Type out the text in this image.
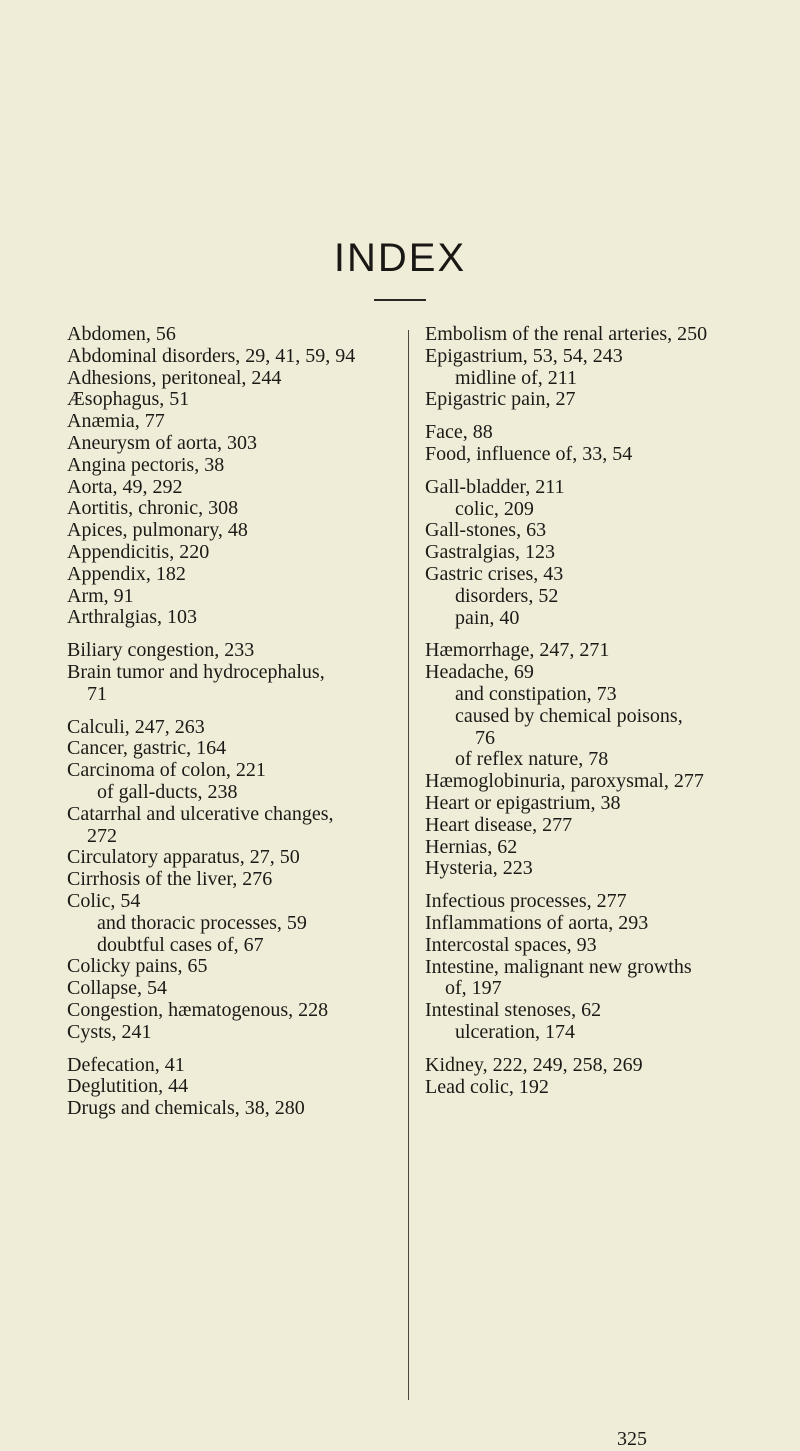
INDEX
Abdomen, 56
Abdominal disorders, 29, 41, 59, 94
Adhesions, peritoneal, 244
Æsophagus, 51
Anæmia, 77
Aneurysm of aorta, 303
Angina pectoris, 38
Aorta, 49, 292
Aortitis, chronic, 308
Apices, pulmonary, 48
Appendicitis, 220
Appendix, 182
Arm, 91
Arthralgias, 103
Biliary congestion, 233
Brain tumor and hydrocephalus,
71
Calculi, 247, 263
Cancer, gastric, 164
Carcinoma of colon, 221
of gall-ducts, 238
Catarrhal and ulcerative changes,
272
Circulatory apparatus, 27, 50
Cirrhosis of the liver, 276
Colic, 54
and thoracic processes, 59
doubtful cases of, 67
Colicky pains, 65
Collapse, 54
Congestion, hæmatogenous, 228
Cysts, 241
Defecation, 41
Deglutition, 44
Drugs and chemicals, 38, 280
Embolism of the renal arteries, 250
Epigastrium, 53, 54, 243
midline of, 211
Epigastric pain, 27
Face, 88
Food, influence of, 33, 54
Gall-bladder, 211
colic, 209
Gall-stones, 63
Gastralgias, 123
Gastric crises, 43
disorders, 52
pain, 40
Hæmorrhage, 247, 271
Headache, 69
and constipation, 73
caused by chemical poisons,
76
of reflex nature, 78
Hæmoglobinuria, paroxysmal, 277
Heart or epigastrium, 38
Heart disease, 277
Hernias, 62
Hysteria, 223
Infectious processes, 277
Inflammations of aorta, 293
Intercostal spaces, 93
Intestine, malignant new growths
of, 197
Intestinal stenoses, 62
ulceration, 174
Kidney, 222, 249, 258, 269
Lead colic, 192
325
